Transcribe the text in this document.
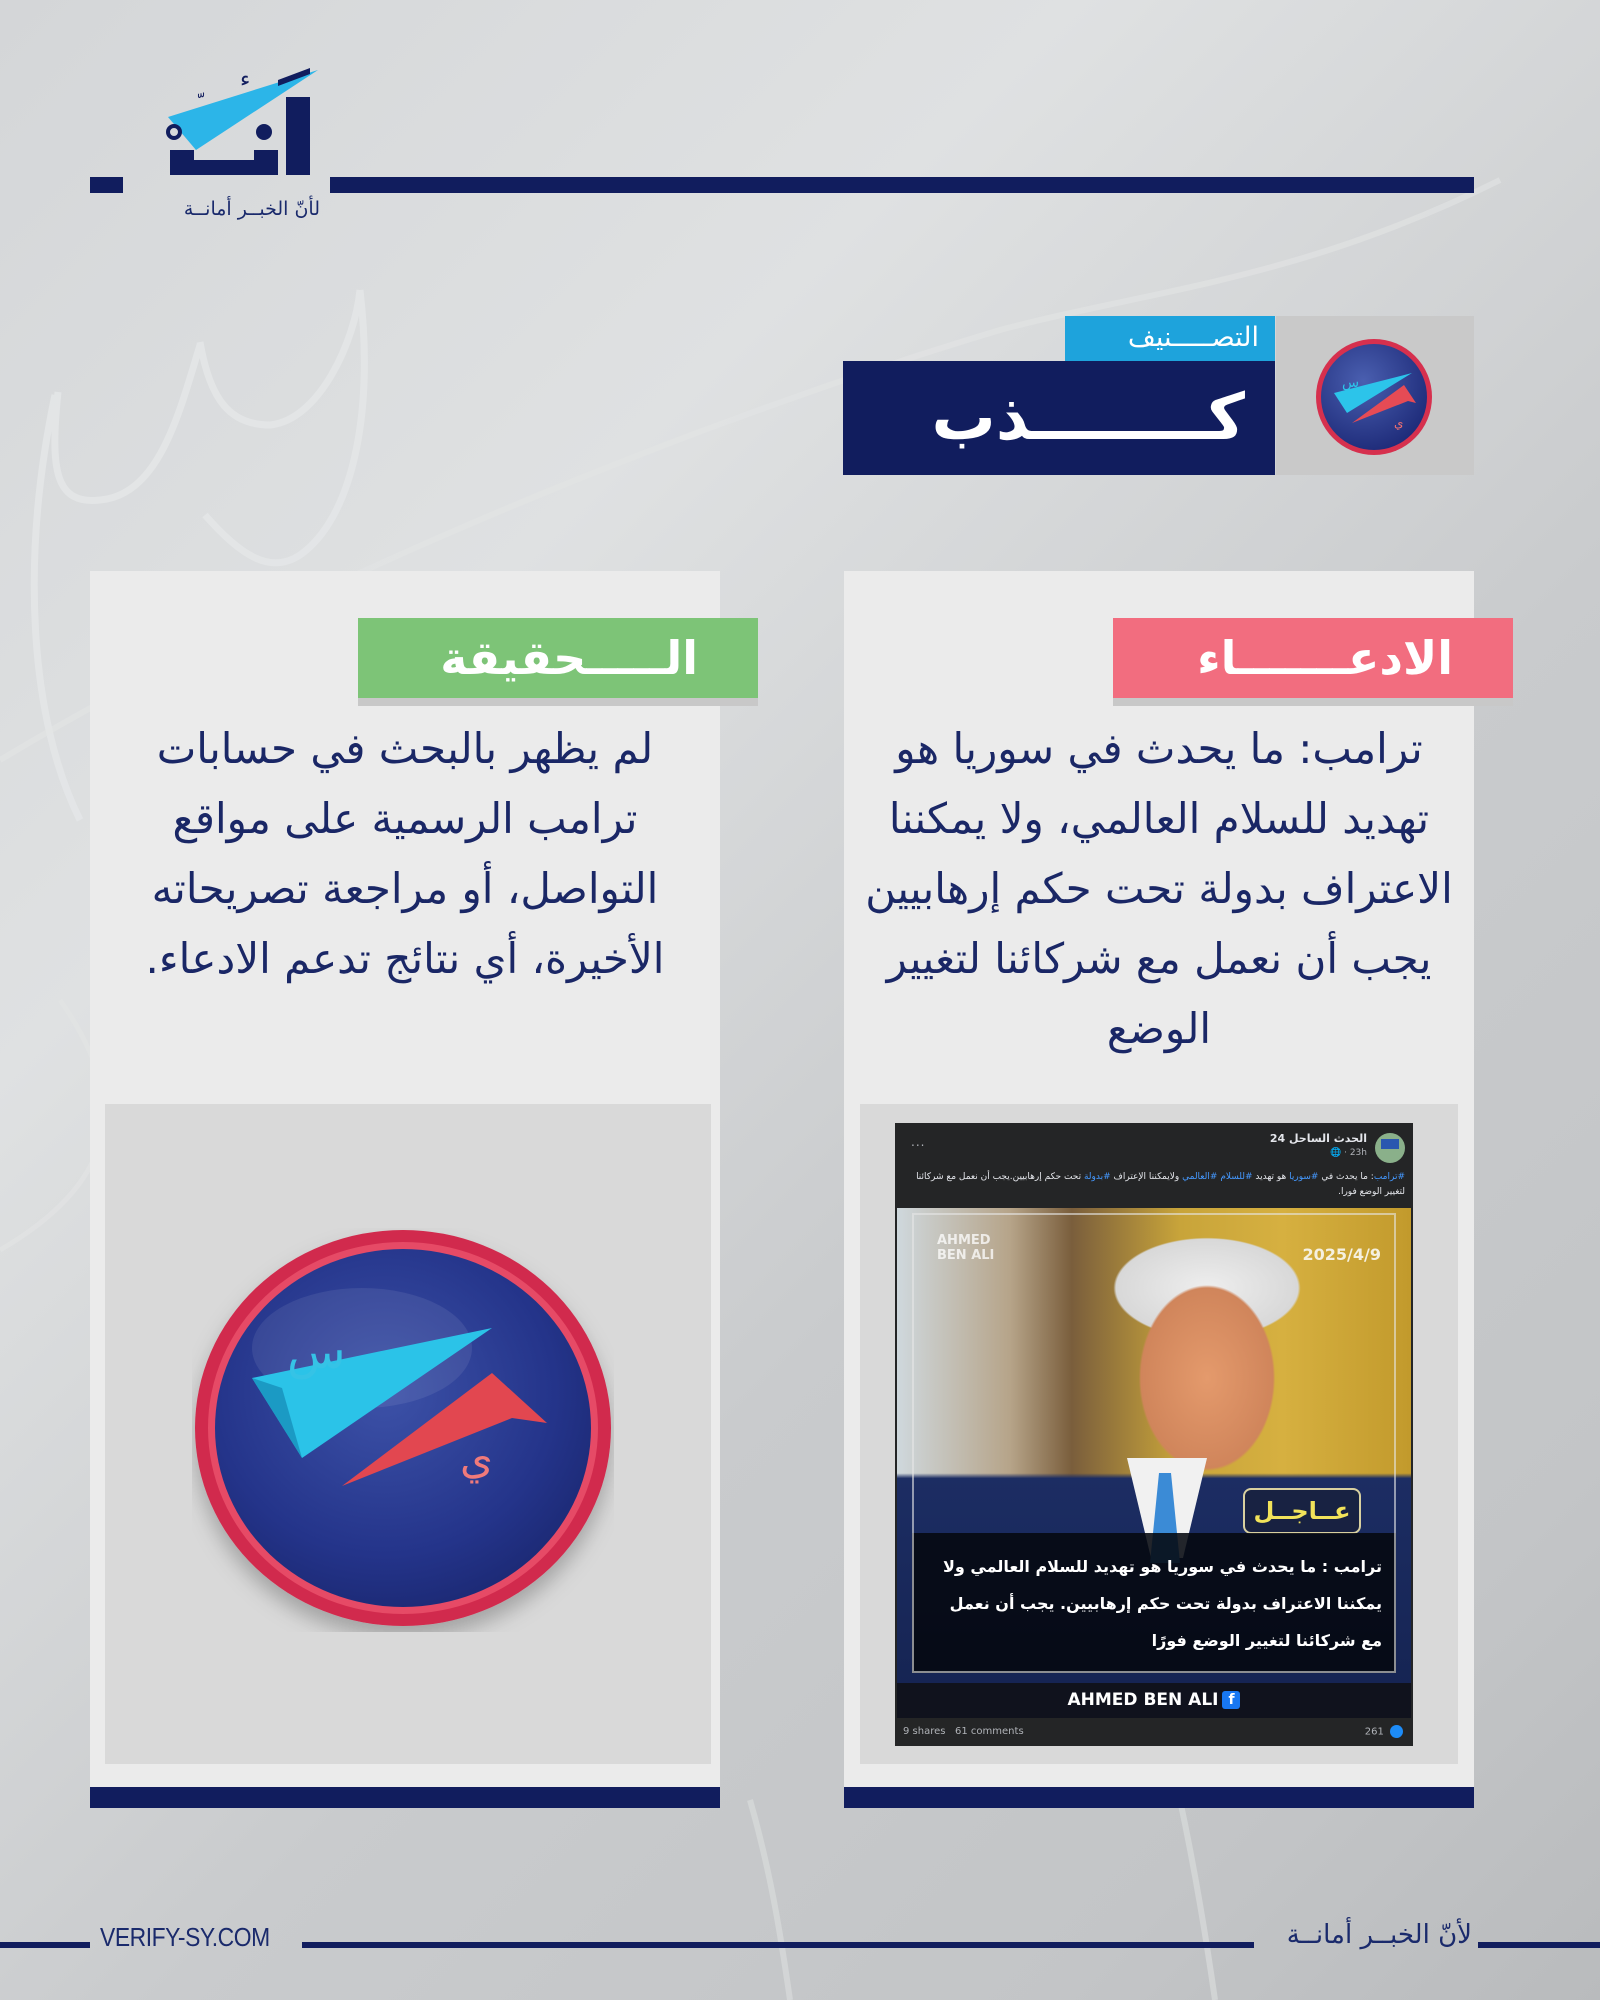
ء
لأنّ الخبــر أمانــة
س
ي
التصـــــنيف
كــــــــذب
الادعـــــــاء
الـــــحقيقة
ترامب: ما يحدث في سوريا هو تهديد للسلام العالمي، ولا يمكننا الاعتراف بدولة تحت حكم إرهابيين يجب أن نعمل مع شركائنا لتغيير الوضع
لم يظهر بالبحث في حسابات ترامب الرسمية على مواقع التواصل، أو مراجعة تصريحاته الأخيرة، أي نتائج تدعم الادعاء.
س
ي
الحدث الساحل 24
🌐 · 23h
...
#ترامب: ما يحدث في #سوريا هو تهديد #للسلام #العالمي ولايمكننا الإعتراف #بدولة تحت حكم إرهابيين.يجب أن نعمل مع شركائنا لتغيير الوضع فورا.
AHMED
BEN ALI	2025/4/9
عــاجــل
ترامب : ما يحدث في سوريا هو تهديد للسلام العالمي ولا يمكننا الاعتراف بدولة تحت حكم إرهابيين. يجب أن نعمل مع شركائنا لتغيير الوضع فورًا
AHMED BEN ALI f
9 shares 61 comments	261
VERIFY-SY.COM	لأنّ الخبــر أمانــة
